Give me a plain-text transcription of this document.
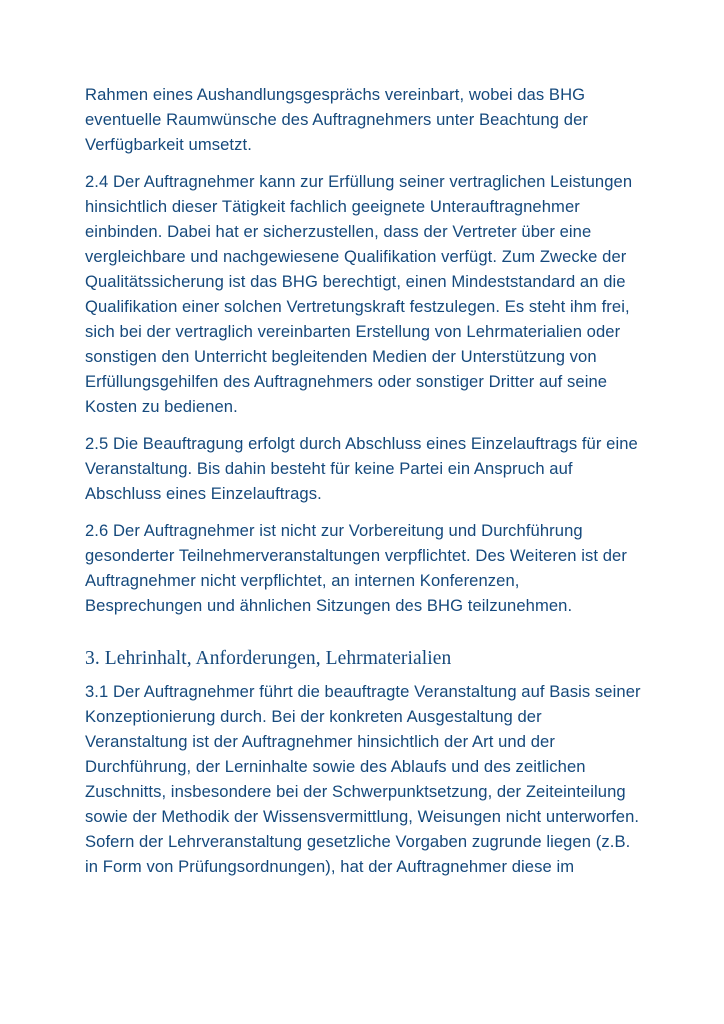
Rahmen eines Aushandlungsgesprächs vereinbart, wobei das BHG eventuelle Raumwünsche des Auftragnehmers unter Beachtung der Verfügbarkeit umsetzt.

2.4 Der Auftragnehmer kann zur Erfüllung seiner vertraglichen Leistungen hinsichtlich dieser Tätigkeit fachlich geeignete Unterauftragnehmer einbinden. Dabei hat er sicherzustellen, dass der Vertreter über eine vergleichbare und nachgewiesene Qualifikation verfügt. Zum Zwecke der Qualitätssicherung ist das BHG berechtigt, einen Mindeststandard an die Qualifikation einer solchen Vertretungskraft festzulegen. Es steht ihm frei, sich bei der vertraglich vereinbarten Erstellung von Lehrmaterialien oder sonstigen den Unterricht begleitenden Medien der Unterstützung von Erfüllungsgehilfen des Auftragnehmers oder sonstiger Dritter auf seine Kosten zu bedienen.

2.5 Die Beauftragung erfolgt durch Abschluss eines Einzelauftrags für eine Veranstaltung. Bis dahin besteht für keine Partei ein Anspruch auf Abschluss eines Einzelauftrags.

2.6 Der Auftragnehmer ist nicht zur Vorbereitung und Durchführung gesonderter Teilnehmerveranstaltungen verpflichtet. Des Weiteren ist der Auftragnehmer nicht verpflichtet, an internen Konferenzen, Besprechungen und ähnlichen Sitzungen des BHG teilzunehmen.

3. Lehrinhalt, Anforderungen, Lehrmaterialien

3.1 Der Auftragnehmer führt die beauftragte Veranstaltung auf Basis seiner Konzeptionierung durch. Bei der konkreten Ausgestaltung der Veranstaltung ist der Auftragnehmer hinsichtlich der Art und der Durchführung, der Lerninhalte sowie des Ablaufs und des zeitlichen Zuschnitts, insbesondere bei der Schwerpunktsetzung, der Zeiteinteilung sowie der Methodik der Wissensvermittlung, Weisungen nicht unterworfen. Sofern der Lehrveranstaltung gesetzliche Vorgaben zugrunde liegen (z.B. in Form von Prüfungsordnungen), hat der Auftragnehmer diese im
